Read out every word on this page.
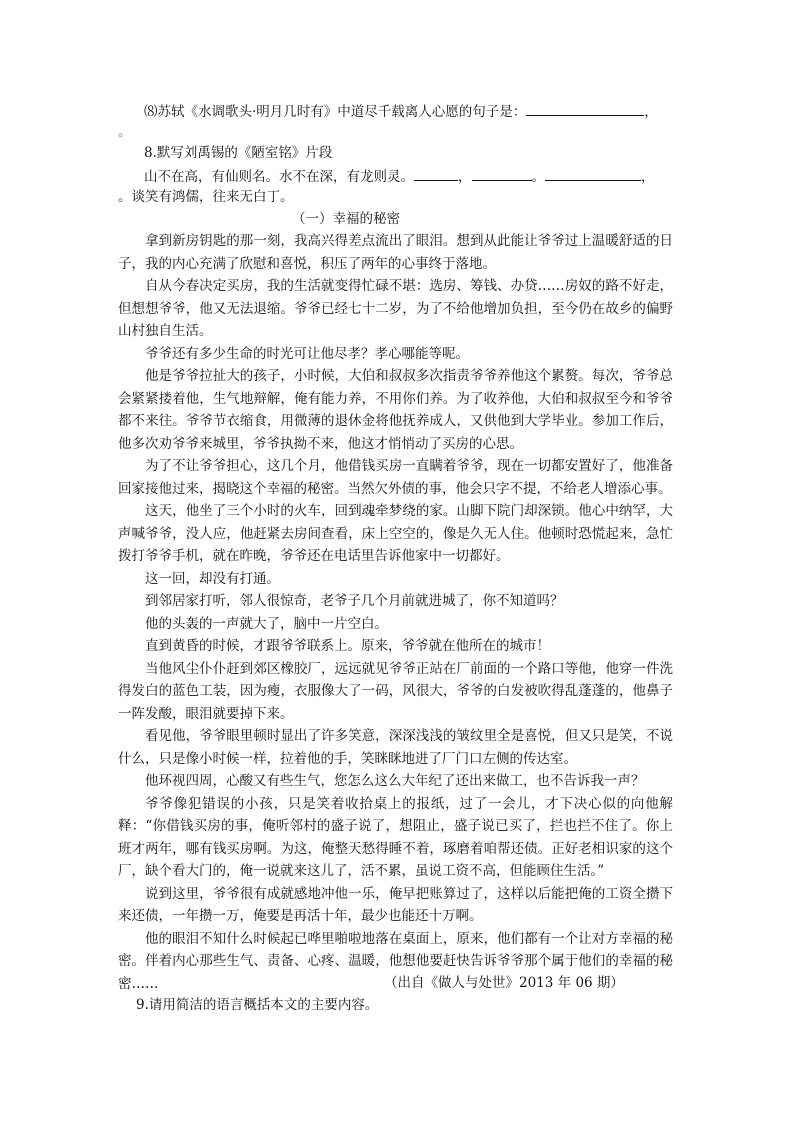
⑻苏轼《水调歌头·明月几时有》中道尽千载离人心愿的句子是：	，
。
8.默写刘禹锡的《陋室铭》片段
山不在高，有仙则名。水不在深，有龙则灵。	，	。	，
。谈笑有鸿儒，往来无白丁。
（一）幸福的秘密

拿到新房钥匙的那一刻，我高兴得差点流出了眼泪。想到从此能让爷爷过上温暖舒适的日子，我的内心充满了欣慰和喜悦，积压了两年的心事终于落地。

自从今春决定买房，我的生活就变得忙碌不堪：选房、筹钱、办贷……房奴的路不好走，但想想爷爷，他又无法退缩。爷爷已经七十二岁，为了不给他增加负担，至今仍在故乡的偏野山村独自生活。

爷爷还有多少生命的时光可让他尽孝？孝心哪能等呢。

他是爷爷拉扯大的孩子，小时候，大伯和叔叔多次指责爷爷养他这个累赘。每次，爷爷总会紧紧搂着他，生气地辩解，俺有能力养，不用你们养。为了收养他，大伯和叔叔至今和爷爷都不来往。爷爷节衣缩食，用微薄的退休金将他抚养成人，又供他到大学毕业。参加工作后，他多次劝爷爷来城里，爷爷执拗不来，他这才悄悄动了买房的心思。

为了不让爷爷担心，这几个月，他借钱买房一直瞒着爷爷，现在一切都安置好了，他准备回家接他过来，揭晓这个幸福的秘密。当然欠外债的事，他会只字不提，不给老人增添心事。

这天，他坐了三个小时的火车，回到魂牵梦绕的家。山脚下院门却深锁。他心中纳罕，大声喊爷爷，没人应，他赶紧去房间查看，床上空空的，像是久无人住。他顿时恐慌起来，急忙拨打爷爷手机，就在昨晚，爷爷还在电话里告诉他家中一切都好。

这一回，却没有打通。

到邻居家打听，邻人很惊奇，老爷子几个月前就进城了，你不知道吗？

他的头轰的一声就大了，脑中一片空白。

直到黄昏的时候，才跟爷爷联系上。原来，爷爷就在他所在的城市！

当他风尘仆仆赶到郊区橡胶厂，远远就见爷爷正站在厂前面的一个路口等他，他穿一件洗得发白的蓝色工装，因为瘦，衣服像大了一码，风很大，爷爷的白发被吹得乱蓬蓬的，他鼻子一阵发酸，眼泪就要掉下来。

看见他，爷爷眼里顿时显出了许多笑意，深深浅浅的皱纹里全是喜悦，但又只是笑，不说什么，只是像小时候一样，拉着他的手，笑眯眯地进了厂门口左侧的传达室。

他环视四周，心酸又有些生气，您怎么这么大年纪了还出来做工，也不告诉我一声？

爷爷像犯错误的小孩，只是笑着收拾桌上的报纸，过了一会儿，才下决心似的向他解释：“你借钱买房的事，俺听邻村的盛子说了，想阻止，盛子说已买了，拦也拦不住了。你上班才两年，哪有钱买房啊。为这，俺整天愁得睡不着，琢磨着咱帮还债。正好老相识家的这个厂，缺个看大门的，俺一说就来这儿了，活不累，虽说工资不高，但能顾住生活。”

说到这里，爷爷很有成就感地冲他一乐，俺早把账算过了，这样以后能把俺的工资全攒下来还债，一年攒一万，俺要是再活十年，最少也能还十万啊。

他的眼泪不知什么时候起已哗里啪啦地落在桌面上，原来，他们都有一个让对方幸福的秘密。伴着内心那些生气、责备、心疼、温暖，他想他要赶快告诉爷爷那个属于他们的幸福的秘密……	（出自《做人与处世》2013 年 06 期）
9.请用简洁的语言概括本文的主要内容。
